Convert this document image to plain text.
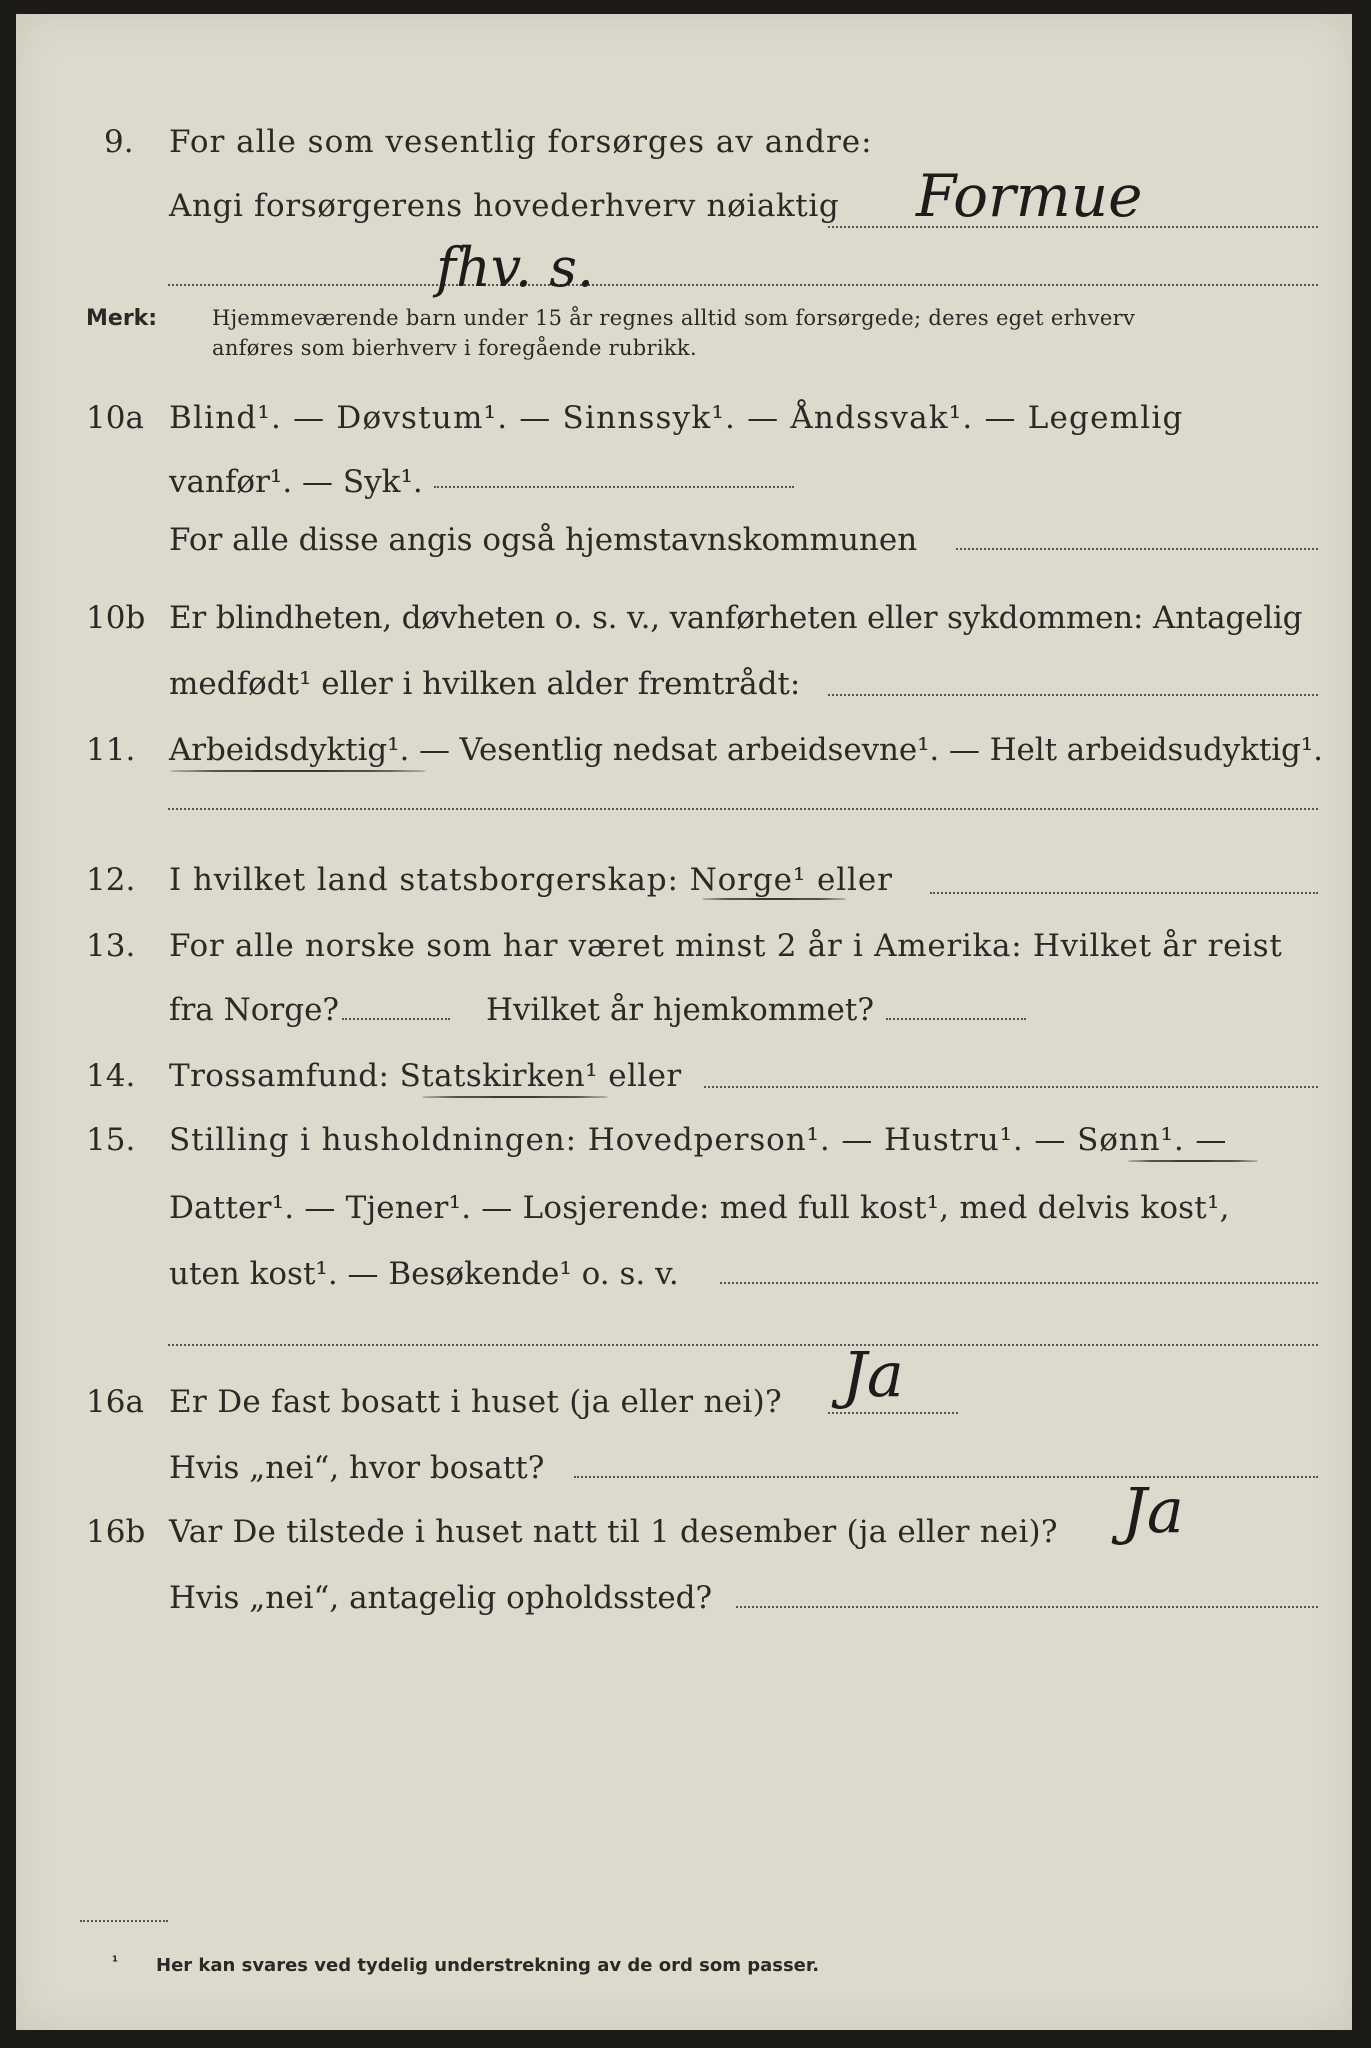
9. For alle som vesentlig forsørges av andre:
Angi forsørgerens hovederhverv nøiaktig Formue
fhv. s.
Merk:	Hjemmeværende barn under 15 år regnes alltid som forsørgede; deres eget erhverv
anføres som bierhverv i foregående rubrikk.
10a Blind¹. — Døvstum¹. — Sinnssyk¹. — Åndssvak¹. — Legemlig
vanfør¹. — Syk¹.
For alle disse angis også hjemstavnskommunen
10b Er blindheten, døvheten o. s. v., vanførheten eller sykdommen: Antagelig
medfødt¹ eller i hvilken alder fremtrådt:
11. Arbeidsdyktig¹. — Vesentlig nedsat arbeidsevne¹. — Helt arbeidsudyktig¹.
12. I hvilket land statsborgerskap: Norge¹ eller
13. For alle norske som har været minst 2 år i Amerika: Hvilket år reist
fra Norge?	Hvilket år hjemkommet?
14. Trossamfund: Statskirken¹ eller
15. Stilling i husholdningen: Hovedperson¹. — Hustru¹. — Sønn¹. —
Datter¹. — Tjener¹. — Losjerende: med full kost¹, med delvis kost¹,
uten kost¹. — Besøkende¹ o. s. v.
16a Er De fast bosatt i huset (ja eller nei)? Ja
Hvis „nei“, hvor bosatt?
16b Var De tilstede i huset natt til 1 desember (ja eller nei)? Ja
Hvis „nei“, antagelig opholdssted?
¹ Her kan svares ved tydelig understrekning av de ord som passer.
